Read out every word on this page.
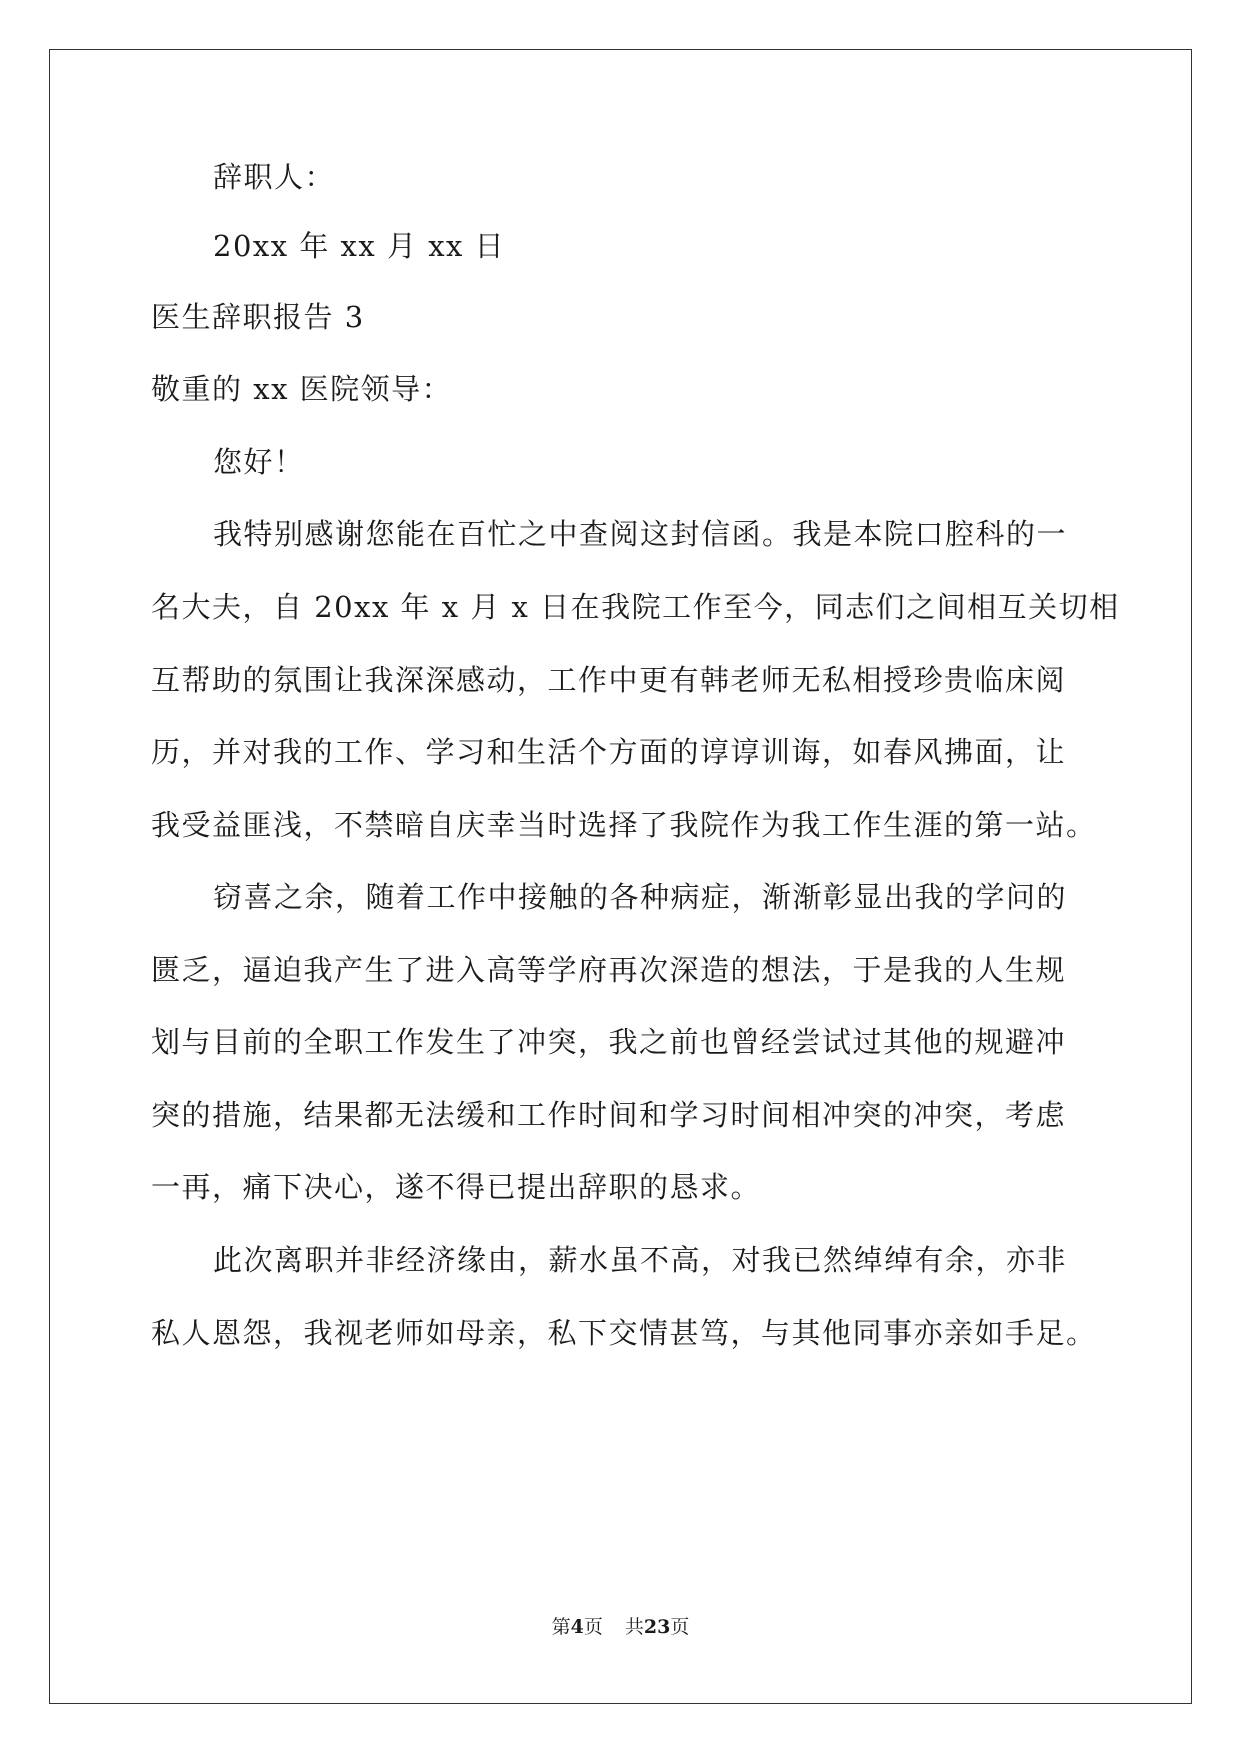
辞职人：
20xx 年 xx 月 xx 日
医生辞职报告 3
敬重的 xx 医院领导：
您好！
我特别感谢您能在百忙之中查阅这封信函。我是本院口腔科的一
名大夫，自 20xx 年 x 月 x 日在我院工作至今，同志们之间相互关切相
互帮助的氛围让我深深感动，工作中更有韩老师无私相授珍贵临床阅
历，并对我的工作、学习和生活个方面的谆谆训诲，如春风拂面，让
我受益匪浅，不禁暗自庆幸当时选择了我院作为我工作生涯的第一站。
窃喜之余，随着工作中接触的各种病症，渐渐彰显出我的学问的
匮乏，逼迫我产生了进入高等学府再次深造的想法，于是我的人生规
划与目前的全职工作发生了冲突，我之前也曾经尝试过其他的规避冲
突的措施，结果都无法缓和工作时间和学习时间相冲突的冲突，考虑
一再，痛下决心，遂不得已提出辞职的恳求。
此次离职并非经济缘由，薪水虽不高，对我已然绰绰有余，亦非
私人恩怨，我视老师如母亲，私下交情甚笃，与其他同事亦亲如手足。
第4页 共23页
